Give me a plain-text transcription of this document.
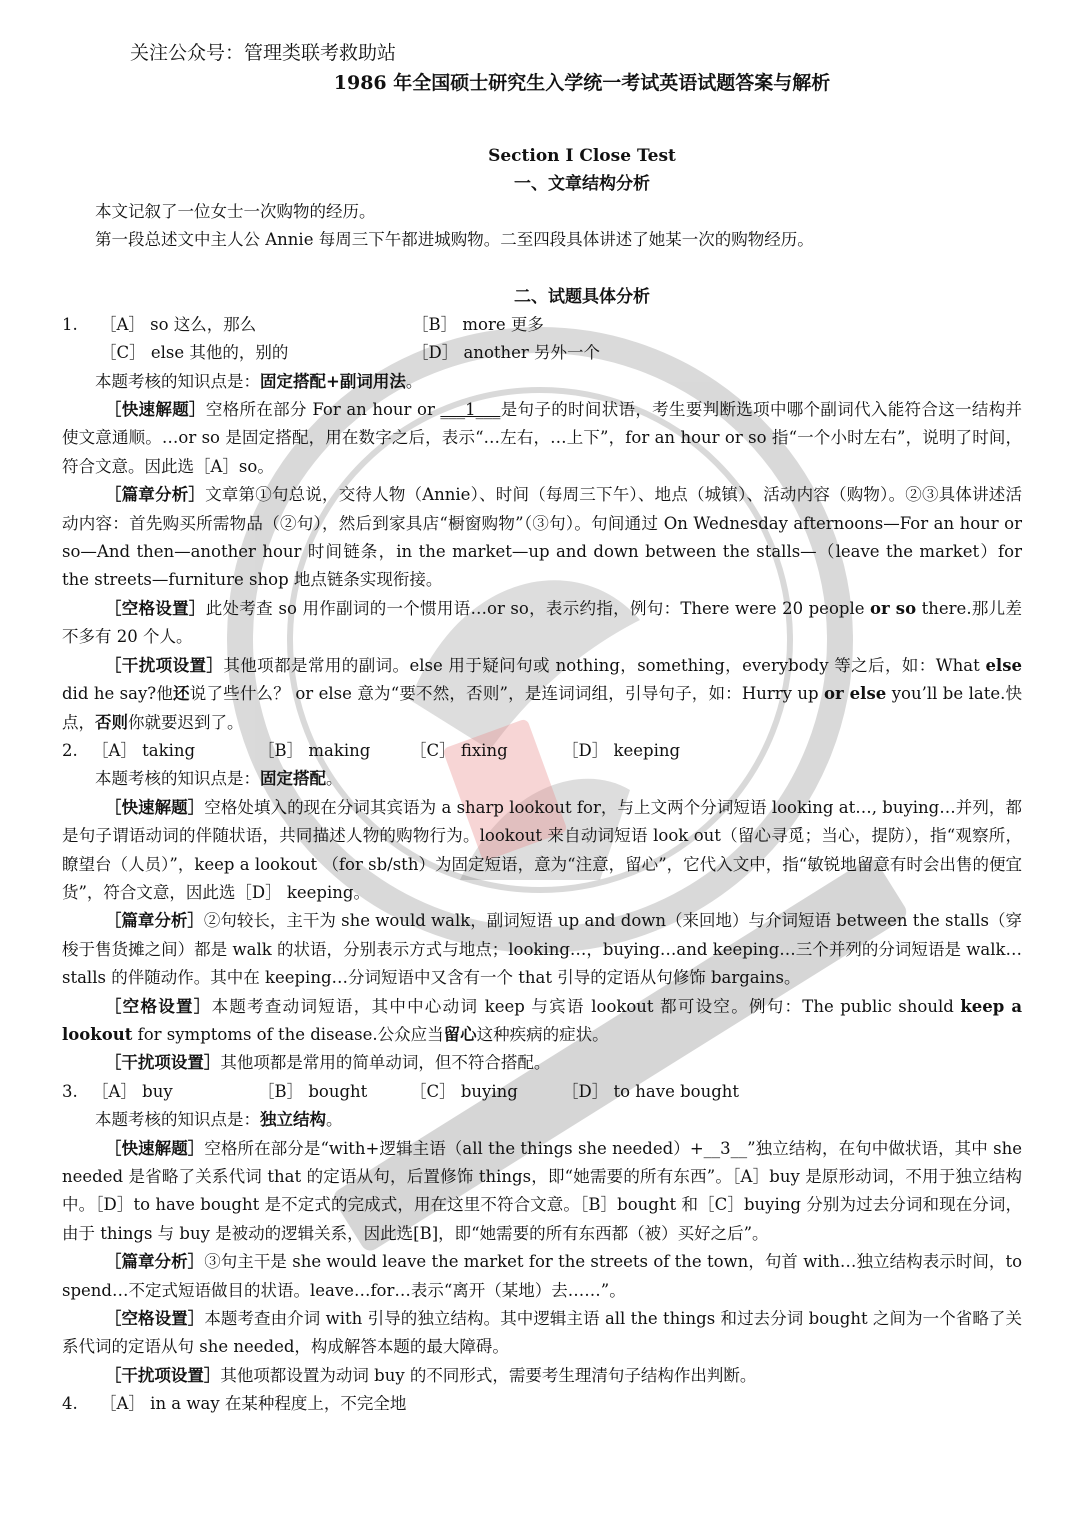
关注公众号：管理类联考救助站
1986 年全国硕士研究生入学统一考试英语试题答案与解析
Section I Close Test
一、文章结构分析

本文记叙了一位女士一次购物的经历。

第一段总述文中主人公 Annie 每周三下午都进城购物。二至四段具体讲述了她某一次的购物经历。

二、试题具体分析
1. ［A］ so 这么，那么	［B］ more 更多
［C］ else 其他的，别的	［D］ another 另外一个

本题考核的知识点是：固定搭配+副词用法。

［快速解题］空格所在部分 For an hour or ___1___是句子的时间状语，考生要判断选项中哪个副词代入能符合这一结构并使文意通顺。…or so 是固定搭配，用在数字之后，表示“…左右，…上下”，for an hour or so 指“一个小时左右”，说明了时间，符合文意。因此选［A］so。

［篇章分析］文章第①句总说，交待人物（Annie）、时间（每周三下午）、地点（城镇）、活动内容（购物）。②③具体讲述活动内容：首先购买所需物品（②句），然后到家具店“橱窗购物”（③句）。句间通过 On Wednesday afternoons—For an hour or so—And then—another hour 时间链条，in the market—up and down between the stalls—（leave the market）for the streets—furniture shop 地点链条实现衔接。

［空格设置］此处考查 so 用作副词的一个惯用语…or so，表示约指，例句：There were 20 people or so there.那儿差不多有 20 个人。

［干扰项设置］其他项都是常用的副词。else 用于疑问句或 nothing，something，everybody 等之后，如：What else did he say?他还说了些什么？ or else 意为“要不然，否则”，是连词词组，引导句子，如：Hurry up or else you’ll be late.快点，否则你就要迟到了。

2. ［A］ taking	［B］ making ［C］ fixing	［D］ keeping

本题考核的知识点是：固定搭配。

［快速解题］空格处填入的现在分词其宾语为 a sharp lookout for，与上文两个分词短语 looking at…, buying…并列，都是句子谓语动词的伴随状语，共同描述人物的购物行为。lookout 来自动词短语 look out（留心寻觅；当心，提防），指“观察所，瞭望台（人员）”，keep a lookout （for sb/sth）为固定短语，意为“注意，留心”，它代入文中，指“敏锐地留意有时会出售的便宜货”，符合文意，因此选［D］ keeping。

［篇章分析］②句较长，主干为 she would walk，副词短语 up and down（来回地）与介词短语 between the stalls（穿梭于售货摊之间）都是 walk 的状语，分别表示方式与地点；looking…，buying…and keeping…三个并列的分词短语是 walk…stalls 的伴随动作。其中在 keeping…分词短语中又含有一个 that 引导的定语从句修饰 bargains。

［空格设置］本题考查动词短语，其中中心动词 keep 与宾语 lookout 都可设空。例句：The public should keep a lookout for symptoms of the disease.公众应当留心这种疾病的症状。

［干扰项设置］其他项都是常用的简单动词，但不符合搭配。

3. ［A］ buy	［B］ bought	［C］ buying	［D］ to have bought

本题考核的知识点是：独立结构。

［快速解题］空格所在部分是“with+逻辑主语（all the things she needed）+__3__”独立结构，在句中做状语，其中 she needed 是省略了关系代词 that 的定语从句，后置修饰 things，即“她需要的所有东西”。［A］buy 是原形动词，不用于独立结构中。［D］to have bought 是不定式的完成式，用在这里不符合文意。［B］bought 和［C］buying 分别为过去分词和现在分词，由于 things 与 buy 是被动的逻辑关系，因此选[B]，即“她需要的所有东西都（被）买好之后”。

［篇章分析］③句主干是 she would leave the market for the streets of the town，句首 with…独立结构表示时间，to spend…不定式短语做目的状语。leave…for…表示“离开（某地）去……”。

［空格设置］本题考查由介词 with 引导的独立结构。其中逻辑主语 all the things 和过去分词 bought 之间为一个省略了关系代词的定语从句 she needed，构成解答本题的最大障碍。

［干扰项设置］其他项都设置为动词 buy 的不同形式，需要考生理清句子结构作出判断。

4. ［A］ in a way 在某种程度上，不完全地
